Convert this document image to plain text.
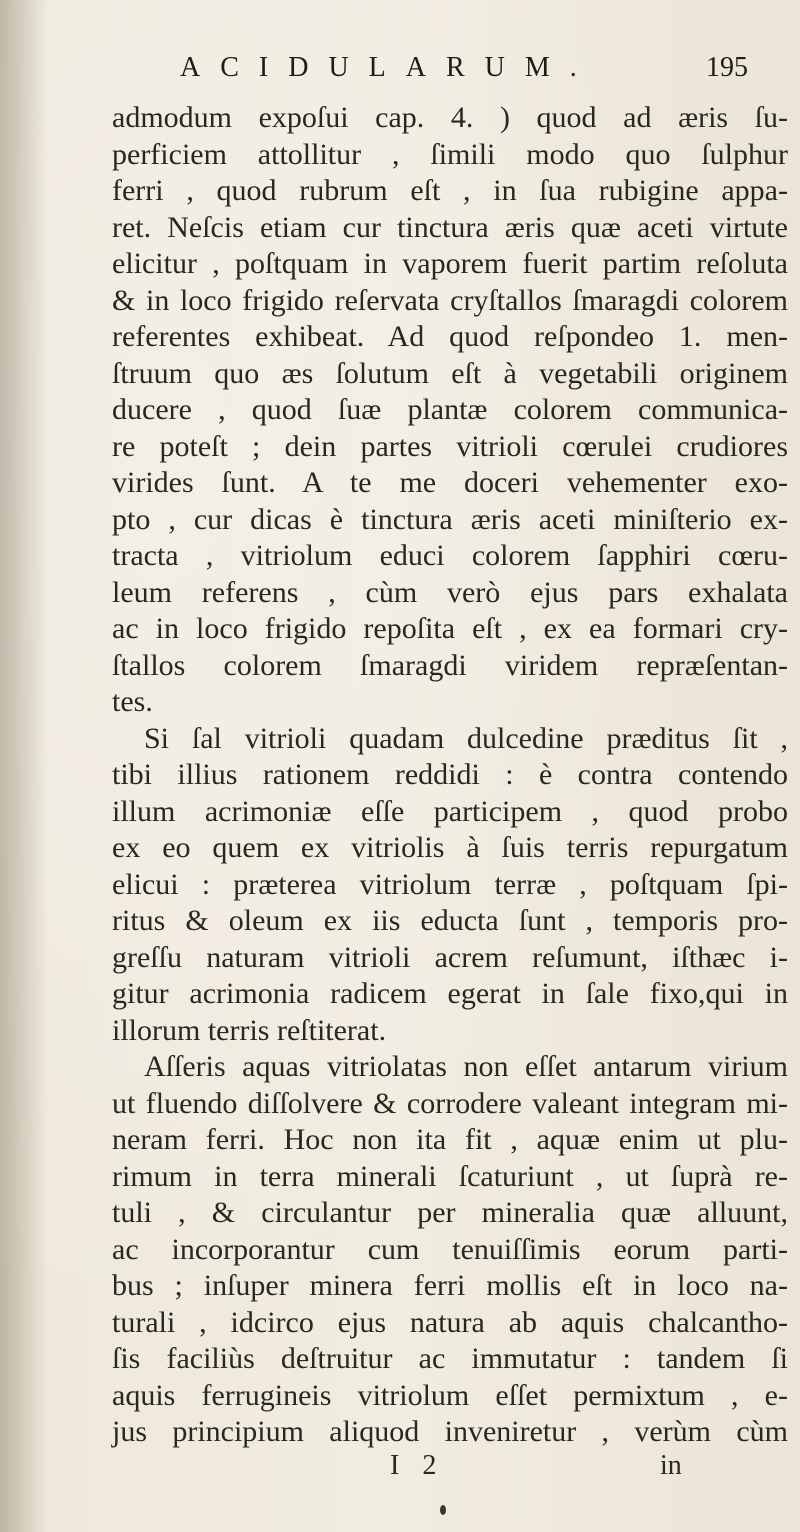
ACIDULARUM.	195
admodum expoſui cap. 4. ) quod ad æris ſu-
perficiem attollitur , ſimili modo quo ſulphur
ferri , quod rubrum eſt , in ſua rubigine appa-
ret. Neſcis etiam cur tinctura æris quæ aceti virtute
elicitur , poſtquam in vaporem fuerit partim reſoluta
& in loco frigido reſervata cryſtallos ſmaragdi colorem
referentes exhibeat. Ad quod reſpondeo 1. men-
ſtruum quo æs ſolutum eſt à vegetabili originem
ducere , quod ſuæ plantæ colorem communica-
re poteſt ; dein partes vitrioli cœrulei crudiores
virides ſunt. A te me doceri vehementer exo-
pto , cur dicas è tinctura æris aceti miniſterio ex-
tracta , vitriolum educi colorem ſapphiri cœru-
leum referens , cùm verò ejus pars exhalata
ac in loco frigido repoſita eſt , ex ea formari cry-
ſtallos colorem ſmaragdi viridem repræſentan-
tes.
Si ſal vitrioli quadam dulcedine præditus ſit ,
tibi illius rationem reddidi : è contra contendo
illum acrimoniæ eſſe participem , quod probo
ex eo quem ex vitriolis à ſuis terris repurgatum
elicui : præterea vitriolum terræ , poſtquam ſpi-
ritus & oleum ex iis educta ſunt , temporis pro-
greſſu naturam vitrioli acrem reſumunt, iſthæc i-
gitur acrimonia radicem egerat in ſale fixo,qui in
illorum terris reſtiterat.
Aſſeris aquas vitriolatas non eſſet antarum virium
ut fluendo diſſolvere & corrodere valeant integram mi-
neram ferri. Hoc non ita fit , aquæ enim ut plu-
rimum in terra minerali ſcaturiunt , ut ſuprà re-
tuli , & circulantur per mineralia quæ alluunt,
ac incorporantur cum tenuiſſimis eorum parti-
bus ; inſuper minera ferri mollis eſt in loco na-
turali , idcirco ejus natura ab aquis chalcantho-
ſis faciliùs deſtruitur ac immutatur : tandem ſi
aquis ferrugineis vitriolum eſſet permixtum , e-
jus principium aliquod inveniretur , verùm cùm
I 2	in
